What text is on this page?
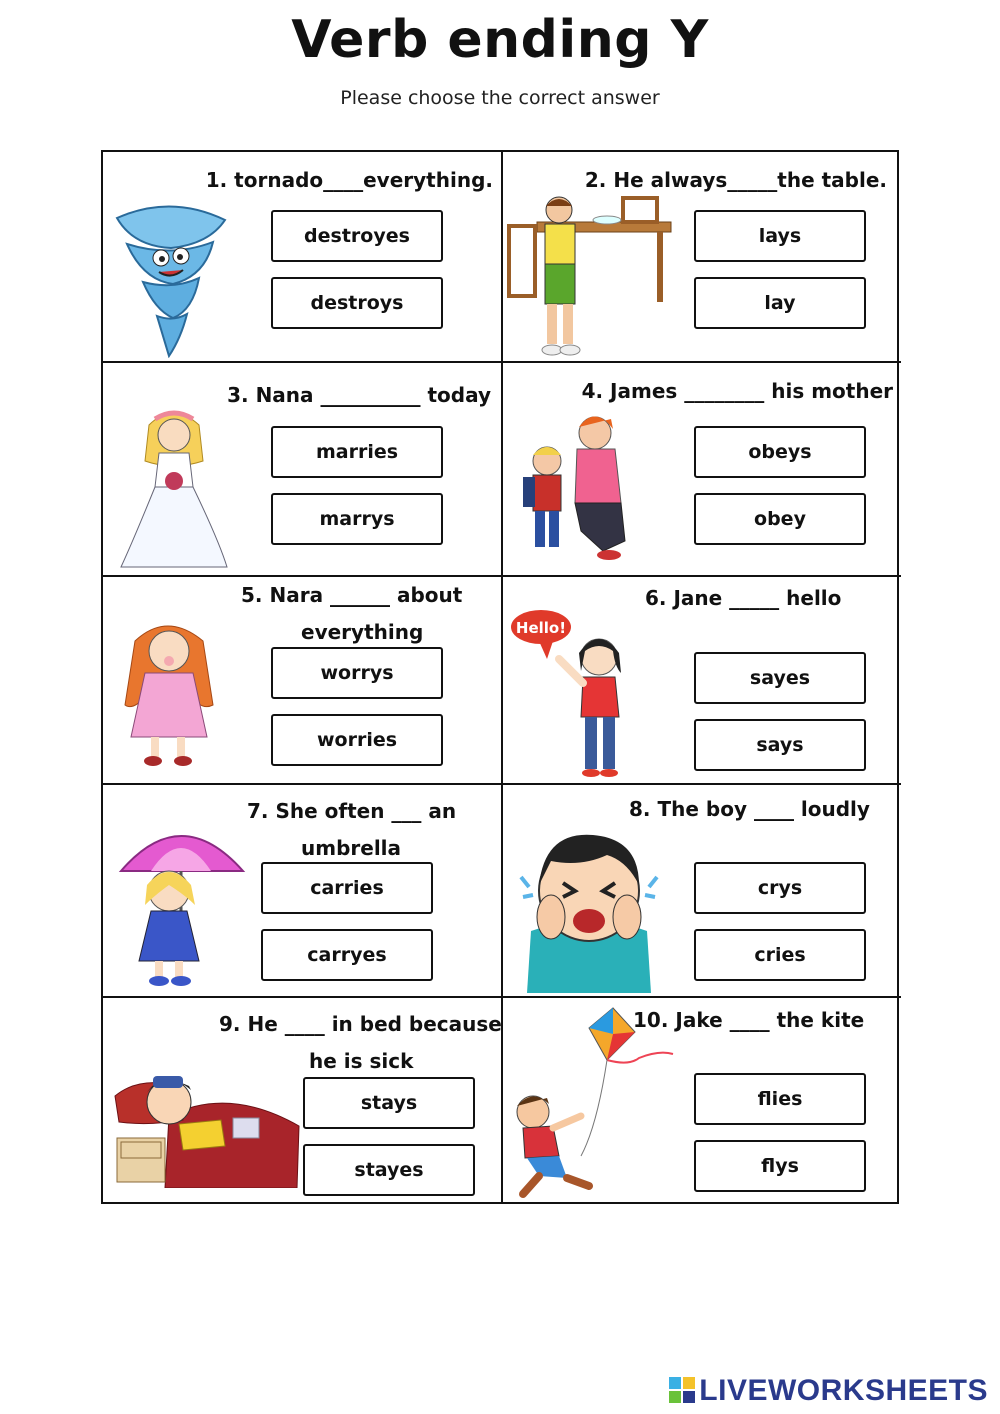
Verb ending Y
Please choose the correct answer
1. tornado____everything.
destroyes
destroys
2. He always_____the table.
lays
lay
3. Nana __________ today
marries
marrys
4. James ________ his mother
obeys
obey
5. Nara ______ about
everything
worrys
worries
6. Jane _____ hello
Hello!
sayes
says
7. She often ___ an
umbrella
carries
carryes
8. The boy ____ loudly
crys
cries
9. He ____ in bed because
he is sick
stays
stayes
10. Jake ____ the kite
flies
flys
LIVEWORKSHEETS
